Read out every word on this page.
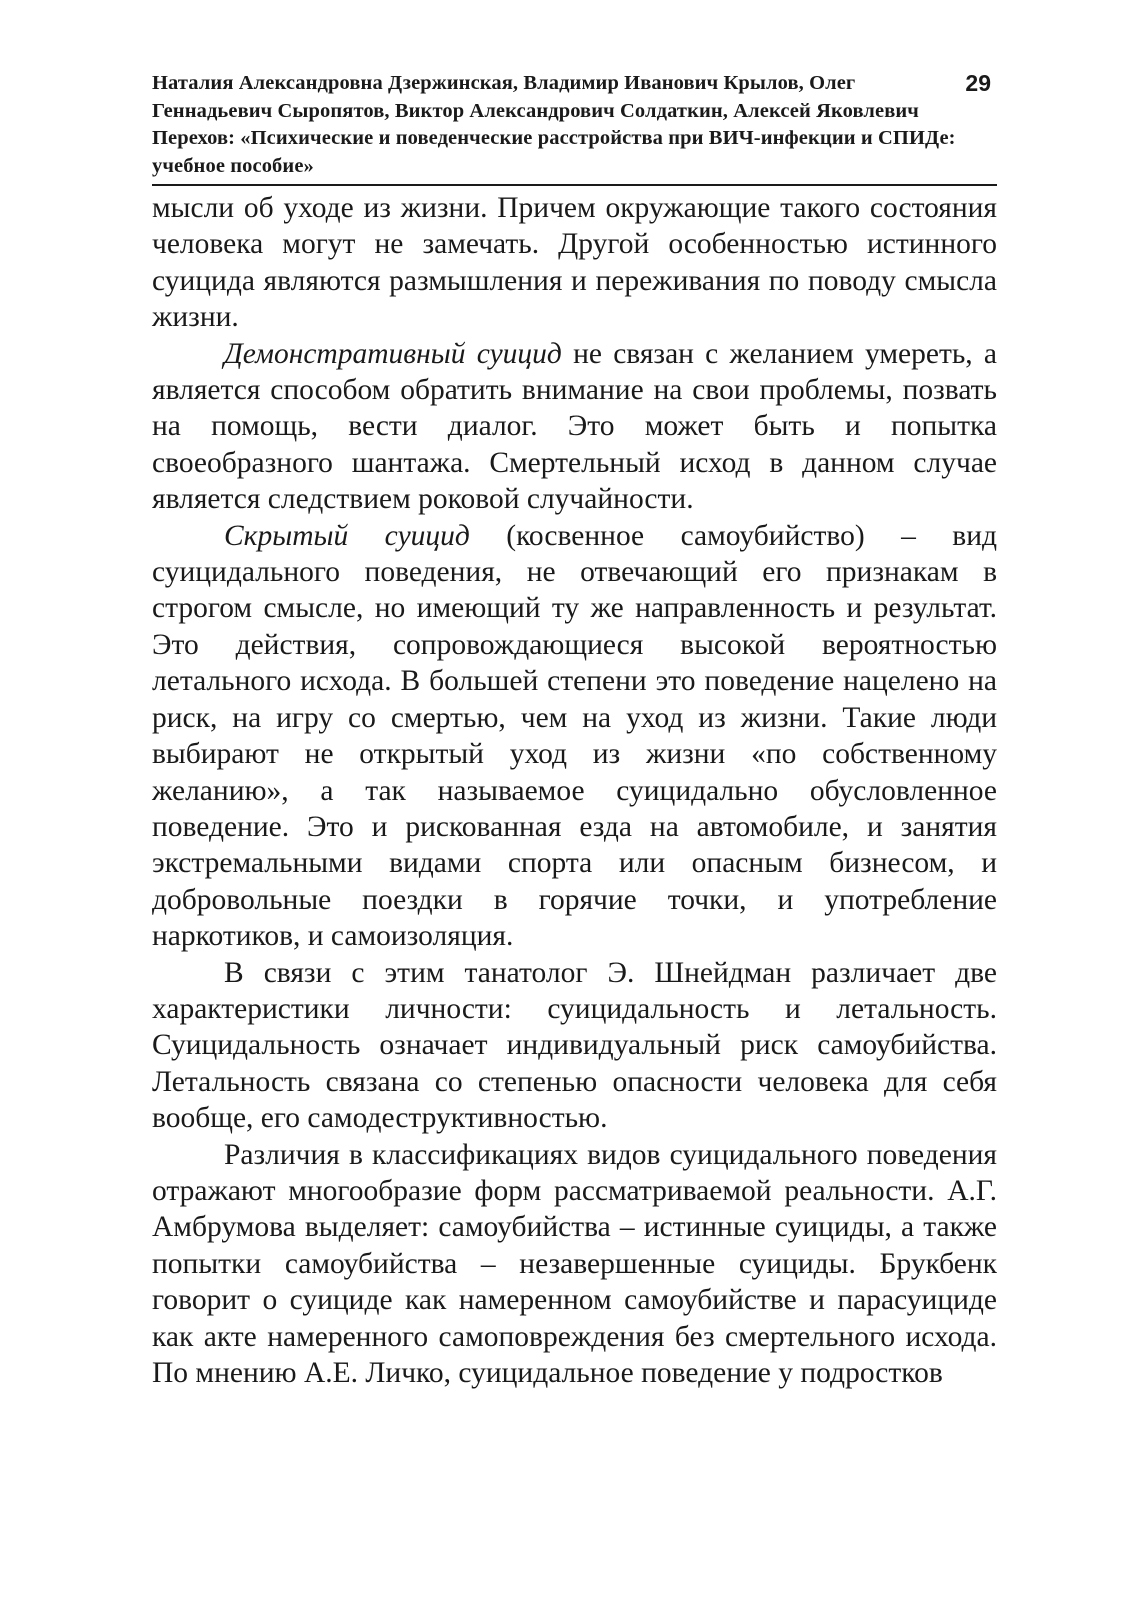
Наталия Александровна Дзержинская, Владимир Иванович Крылов, Олег Геннадьевич Сыропятов, Виктор Александрович Солдаткин, Алексей Яковлевич Перехов: «Психические и поведенческие расстройства при ВИЧ-инфекции и СПИДе: учебное пособие»

29

мысли об уходе из жизни. Причем окружающие такого состояния человека могут не замечать. Другой особенностью истинного суицида являются размышления и переживания по поводу смысла жизни.

Демонстративный суицид не связан с желанием умереть, а является способом обратить внимание на свои проблемы, позвать на помощь, вести диалог. Это может быть и попытка своеобразного шантажа. Смертельный исход в данном случае является следствием роковой случайности.

Скрытый суицид (косвенное самоубийство) – вид суицидального поведения, не отвечающий его признакам в строгом смысле, но имеющий ту же направленность и результат. Это действия, сопровождающиеся высокой вероятностью летального исхода. В большей степени это поведение нацелено на риск, на игру со смертью, чем на уход из жизни. Такие люди выбирают не открытый уход из жизни «по собственному желанию», а так называемое суицидально обусловленное поведение. Это и рискованная езда на автомобиле, и занятия экстремальными видами спорта или опасным бизнесом, и добровольные поездки в горячие точки, и употребление наркотиков, и самоизоляция.

В связи с этим танатолог Э. Шнейдман различает две характеристики личности: суицидальность и летальность. Суицидальность означает индивидуальный риск самоубийства. Летальность связана со степенью опасности человека для себя вообще, его самодеструктивностью.

Различия в классификациях видов суицидального поведения отражают многообразие форм рассматриваемой реальности. А.Г. Амбрумова выделяет: самоубийства – истинные суициды, а также попытки самоубийства – незавершенные суициды. Брукбенк говорит о суициде как намеренном самоубийстве и парасуициде как акте намеренного самоповреждения без смертельного исхода. По мнению А.Е. Личко, суицидальное поведение у подростков
